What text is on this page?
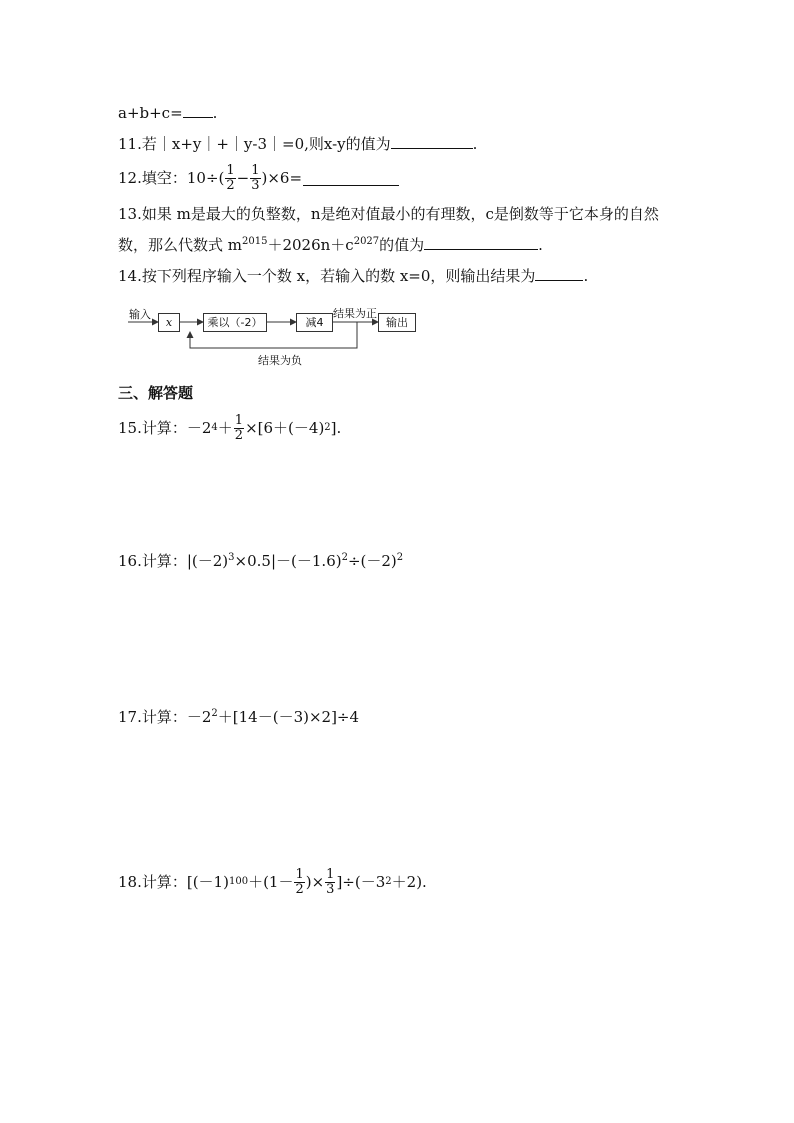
a+b+c= .
11.若｜x+y｜+｜y-3｜=0,则x-y的值为	.
12.填空：$10\div( \frac{1}{2} - \frac{1}{3} )\times 6=$
13.如果 m是最大的负整数，n是绝对值最小的有理数，c是倒数等于它本身的自然
数，那么代数式 $m^{2015}+2026n+c^{2027}$的值为	.
14.按下列程序输入一个数 x，若输入的数 x=0，则输出结果为	.
输入
x	乘以（-2）	减4
结果为正
输出
结果为负
三、解答题
15.计算：－2 $4 + \frac{1}{2} \times[6+(-4)$ 2 ].
16.计算：$|(-2)^3\times 0.5|-(-1.6)^2\div(-2)^2$
17.计算：$-2^2+[14-(-3)\times 2]\div 4$
18.计算：[(－1) $100 +(1- \frac{1}{2}$ )× $\frac{1}{3} ]\div(-3$ 2 ＋2).
